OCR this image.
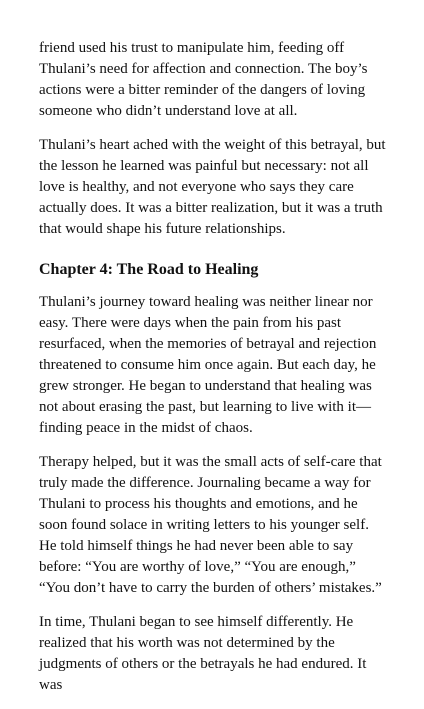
friend used his trust to manipulate him, feeding off Thulani’s need for affection and connection. The boy’s actions were a bitter reminder of the dangers of loving someone who didn’t understand love at all.

Thulani’s heart ached with the weight of this betrayal, but the lesson he learned was painful but necessary: not all love is healthy, and not everyone who says they care actually does. It was a bitter realization, but it was a truth that would shape his future relationships.

Chapter 4: The Road to Healing

Thulani’s journey toward healing was neither linear nor easy. There were days when the pain from his past resurfaced, when the memories of betrayal and rejection threatened to consume him once again. But each day, he grew stronger. He began to understand that healing was not about erasing the past, but learning to live with it—finding peace in the midst of chaos.

Therapy helped, but it was the small acts of self-care that truly made the difference. Journaling became a way for Thulani to process his thoughts and emotions, and he soon found solace in writing letters to his younger self. He told himself things he had never been able to say before: “You are worthy of love,” “You are enough,” “You don’t have to carry the burden of others’ mistakes.”

In time, Thulani began to see himself differently. He realized that his worth was not determined by the judgments of others or the betrayals he had endured. It was
